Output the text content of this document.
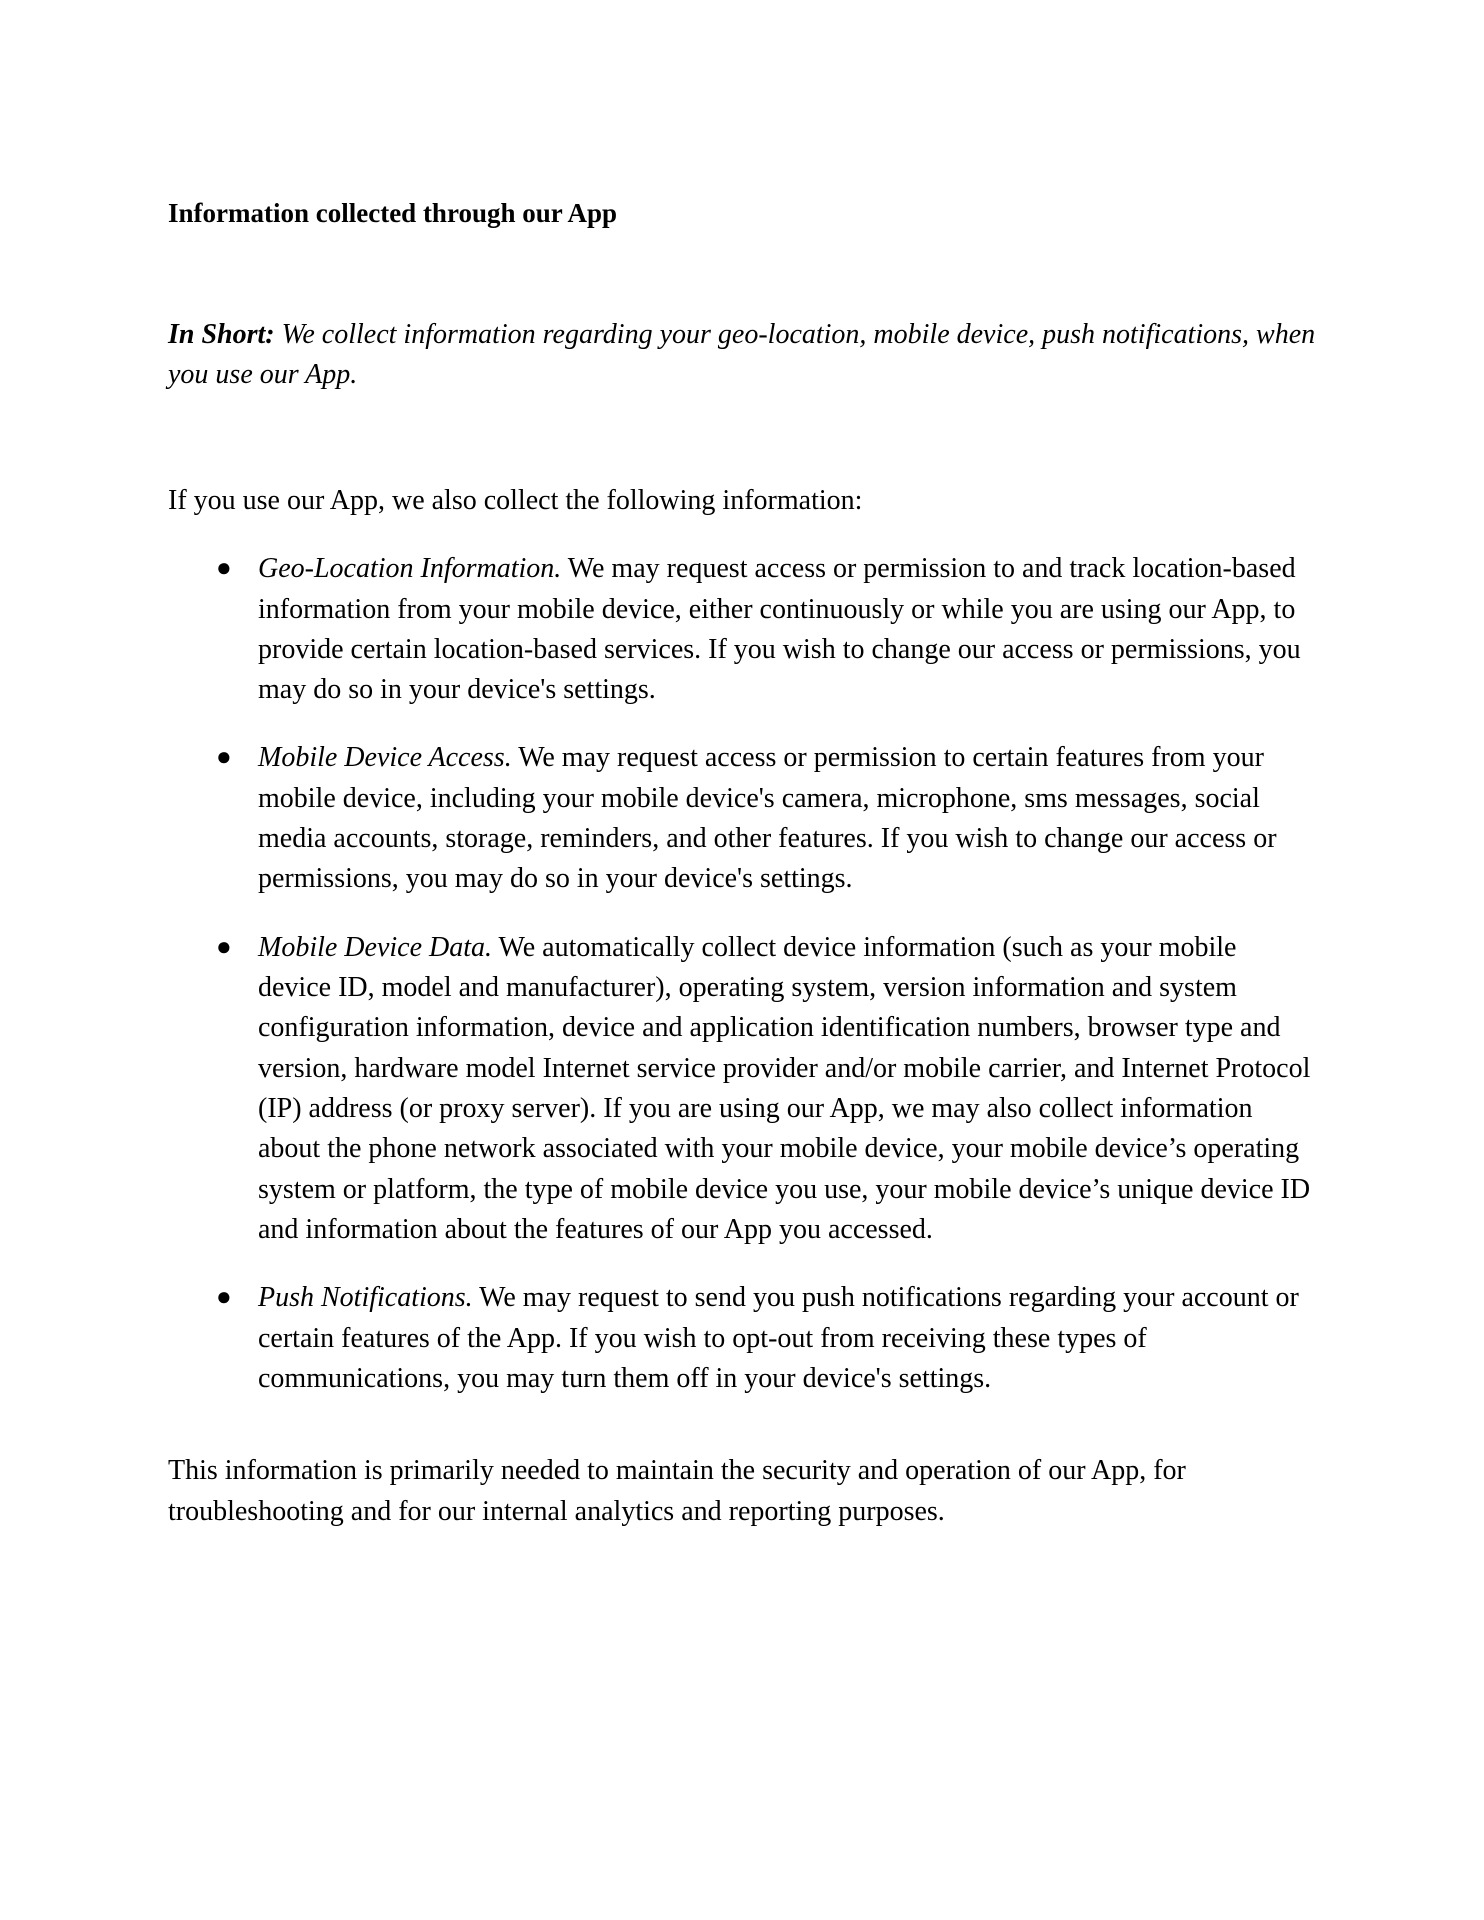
Information collected through our App

In Short: We collect information regarding your geo-location, mobile device, push notifications, when you use our App.

If you use our App, we also collect the following information:

● Geo-Location Information. We may request access or permission to and track location-based information from your mobile device, either continuously or while you are using our App, to provide certain location-based services. If you wish to change our access or permissions, you may do so in your device's settings.
● Mobile Device Access. We may request access or permission to certain features from your mobile device, including your mobile device's camera, microphone, sms messages, social media accounts, storage, reminders, and other features. If you wish to change our access or permissions, you may do so in your device's settings.
● Mobile Device Data. We automatically collect device information (such as your mobile device ID, model and manufacturer), operating system, version information and system configuration information, device and application identification numbers, browser type and version, hardware model Internet service provider and/or mobile carrier, and Internet Protocol (IP) address (or proxy server). If you are using our App, we may also collect information about the phone network associated with your mobile device, your mobile device’s operating system or platform, the type of mobile device you use, your mobile device’s unique device ID and information about the features of our App you accessed.
● Push Notifications. We may request to send you push notifications regarding your account or certain features of the App. If you wish to opt-out from receiving these types of communications, you may turn them off in your device's settings.

This information is primarily needed to maintain the security and operation of our App, for troubleshooting and for our internal analytics and reporting purposes.
